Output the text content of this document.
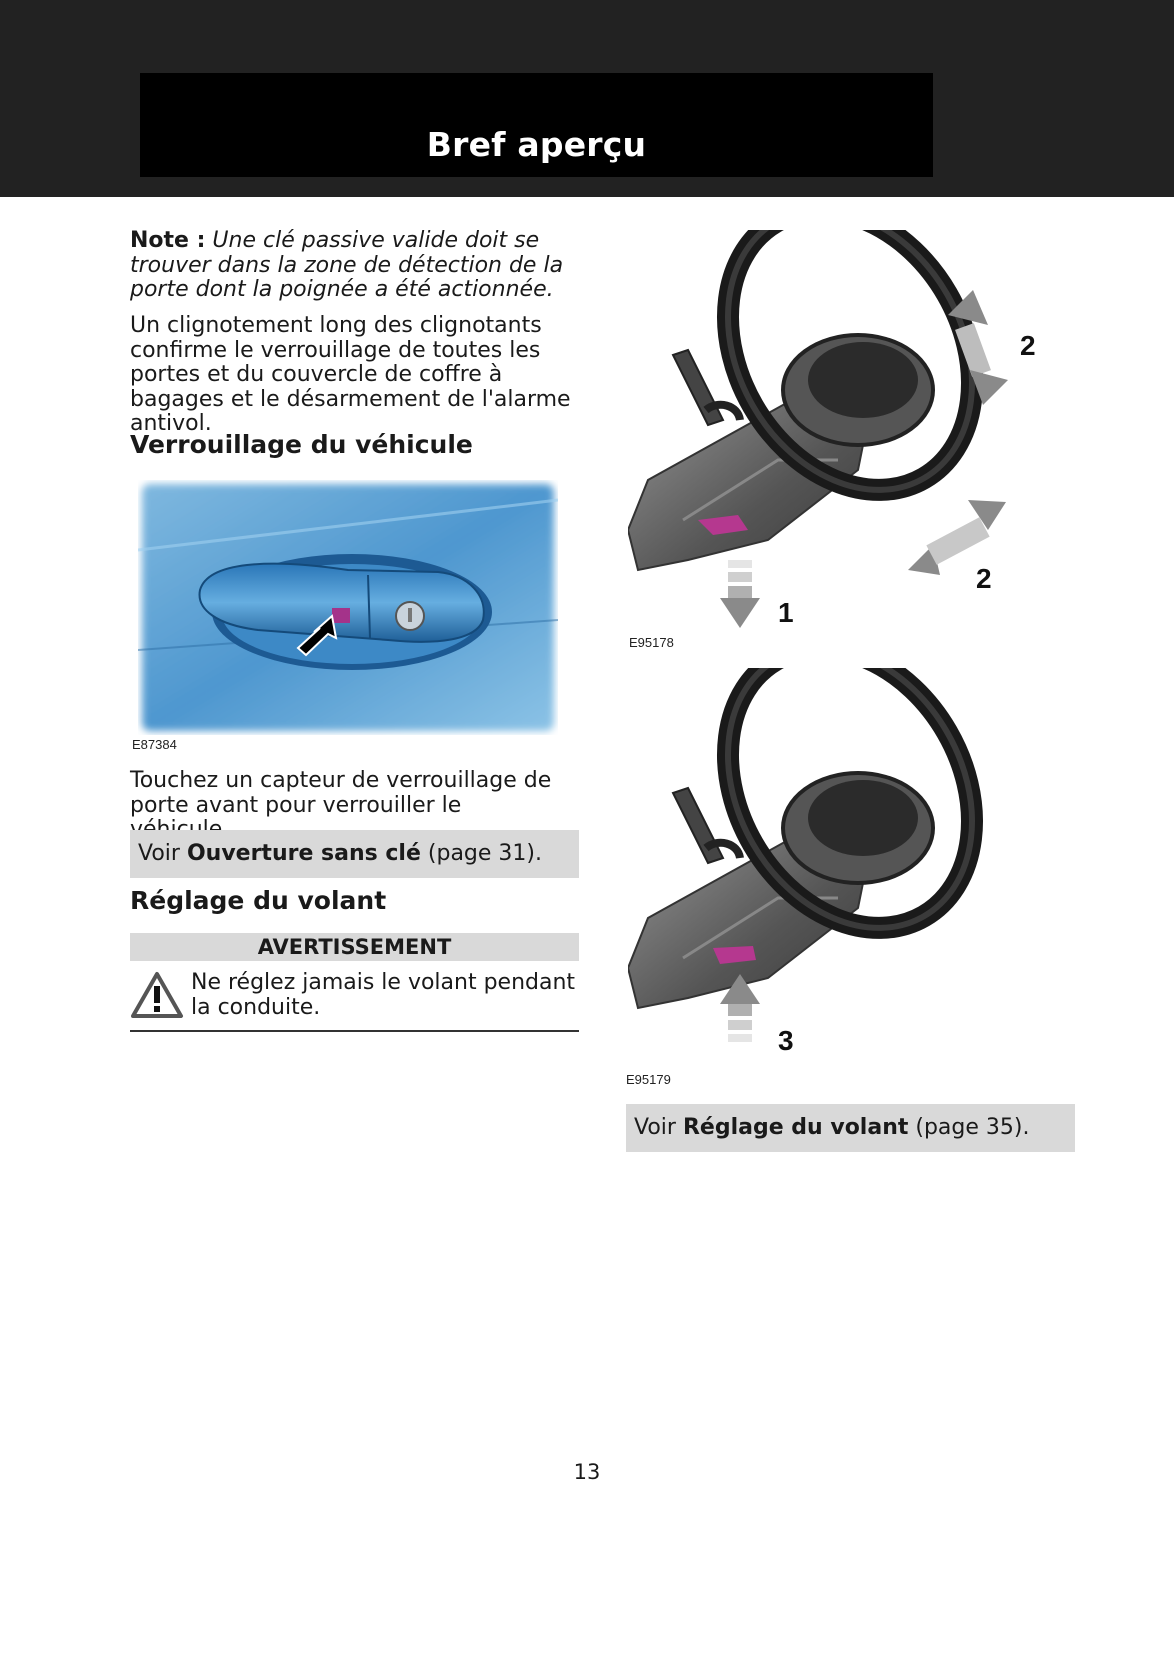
Bref aperçu

Note : Une clé passive valide doit se trouver dans la zone de détection de la porte dont la poignée a été actionnée.

Un clignotement long des clignotants confirme le verrouillage de toutes les portes et du couvercle de coffre à bagages et le désarmement de l'alarme antivol.

Verrouillage du véhicule
E87384

Touchez un capteur de verrouillage de porte avant pour verrouiller le

Voir Ouverture sans clé (page 31).
Réglage du volant
AVERTISSEMENT

Ne réglez jamais le volant pendant la conduite.

2
2
1
E95178
3
E95179
Voir Réglage du volant (page 35).
13
